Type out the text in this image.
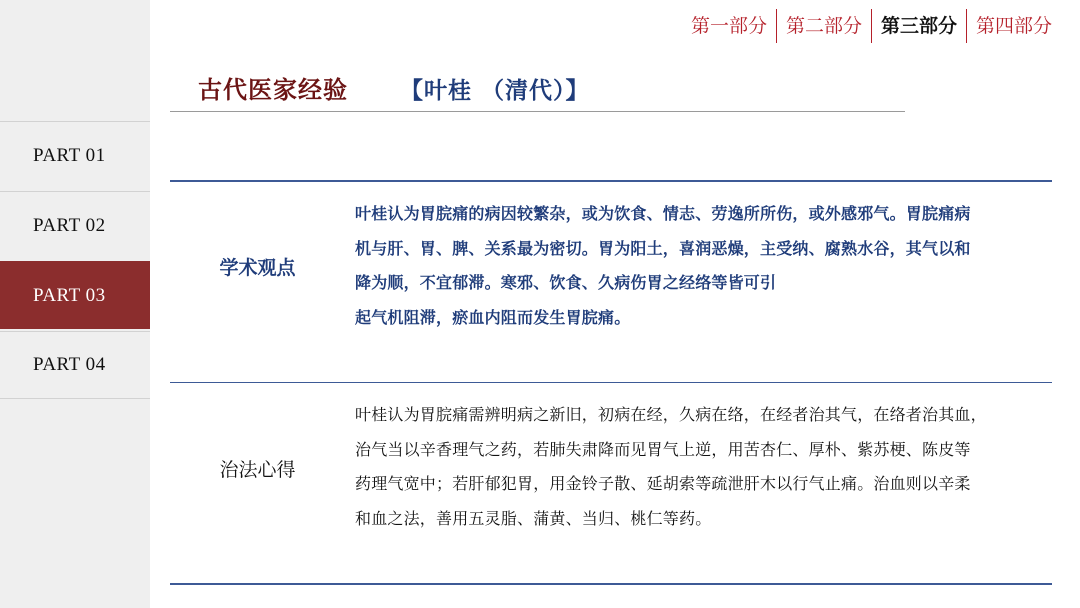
PART 01
PART 02
PART 03
PART 04
第一部分	第二部分	第三部分	第四部分
古代医家经验 【叶桂 （清代）】
学术观点
叶桂认为胃脘痛的病因较繁杂，或为饮食、情志、劳逸所所伤，或外感邪气。胃脘痛病
机与肝、胃、脾、关系最为密切。胃为阳土，喜润恶燥，主受纳、腐熟水谷，其气以和
降为顺，不宜郁滞。寒邪、饮食、久病伤胃之经络等皆可引
起气机阻滞，瘀血内阻而发生胃脘痛。
治法心得
叶桂认为胃脘痛需辨明病之新旧，初病在经，久病在络，在经者治其气，在络者治其血，
治气当以辛香理气之药，若肺失肃降而见胃气上逆，用苦杏仁、厚朴、紫苏梗、陈皮等
药理气宽中；若肝郁犯胃，用金铃子散、延胡索等疏泄肝木以行气止痛。治血则以辛柔
和血之法，善用五灵脂、蒲黄、当归、桃仁等药。
